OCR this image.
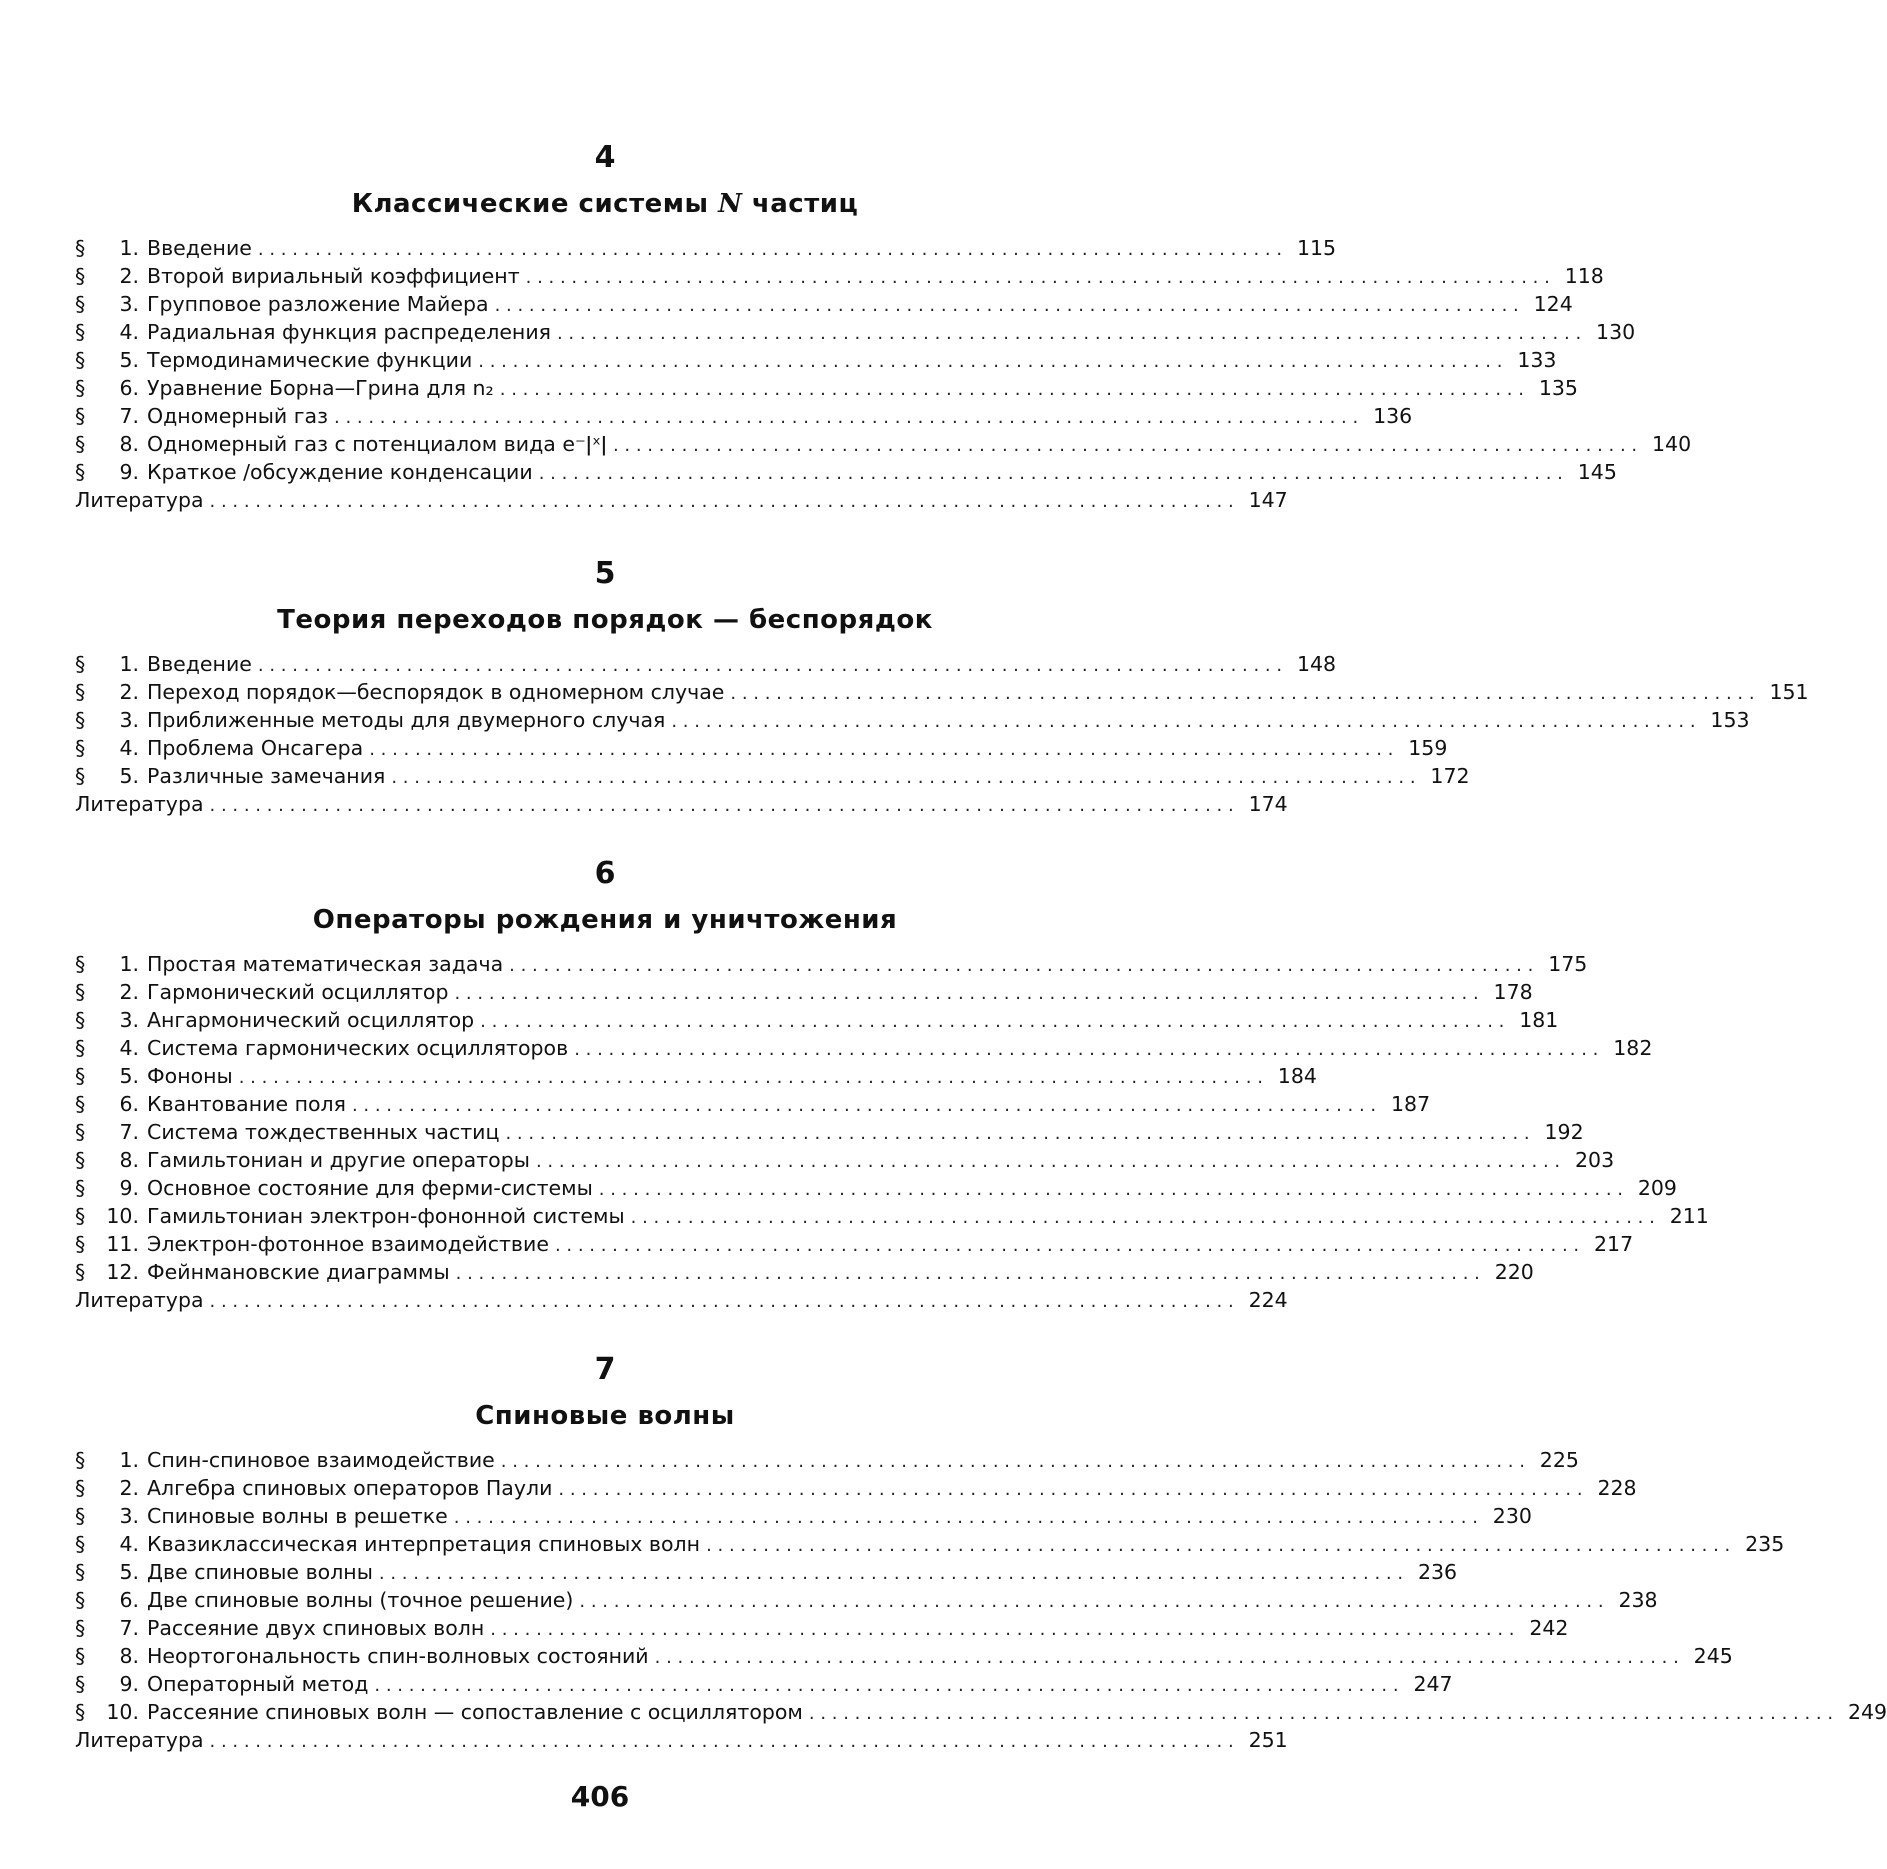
4
Классические системы N частиц
§	1. Введение
. . .	115
§	2. Второй вириальный коэффициент
. . .	118
§	3. Групповое разложение Майера
. . .	124
§	4. Радиальная функция распределения
. . .	130
§	5. Термодинамические функции
. . .	133
§	6. Уравнение Борна—Грина для n₂
. . .	135
§	7. Одномерный газ
. . .	136
§	8. Одномерный газ с потенциалом вида e⁻ǀˣǀ
. . .	140
§	9. Краткое /обсуждение конденсации
. . .	145
Литература
. . .	147
5
Теория переходов порядок — беспорядок
§	1. Введение
. . .	148
§	2. Переход порядок—беспорядок в одномерном случае
. . .	151
§	3. Приближенные методы для двумерного случая
. . .	153
§	4. Проблема Онсагера
. . .	159
§	5. Различные замечания
. . .	172
Литература
. . .	174
6
Операторы рождения и уничтожения
§	1. Простая математическая задача
. . .	175
§	2. Гармонический осциллятор
. . .	178
§	3. Ангармонический осциллятор
. . .	181
§	4. Система гармонических осцилляторов
. . .	182
§	5. Фононы
. . .	184
§	6. Квантование поля
. . .	187
§	7. Система тождественных частиц
. . .	192
§	8. Гамильтониан и другие операторы
. . .	203
§	9. Основное состояние для ферми-системы
. . .	209
§	10. Гамильтониан электрон-фононной системы
. . .	211
§	11. Электрон-фотонное взаимодействие
. . .	217
§	12. Фейнмановские диаграммы
. . .	220
Литература
. . .	224
7
Спиновые волны
§	1. Спин-спиновое взаимодействие
. . .	225
§	2. Алгебра спиновых операторов Паули
. . .	228
§	3. Спиновые волны в решетке
. . .	230
§	4. Квазиклассическая интерпретация спиновых волн
. . .	235
§	5. Две спиновые волны
. . .	236
§	6. Две спиновые волны (точное решение)
. . .	238
§	7. Рассеяние двух спиновых волн
. . .	242
§	8. Неортогональность спин-волновых состояний
. . .	245
§	9. Операторный метод
. . .	247
§	10. Рассеяние спиновых волн — сопоставление с осциллятором
. . .	249
Литература
. . .	251
406
